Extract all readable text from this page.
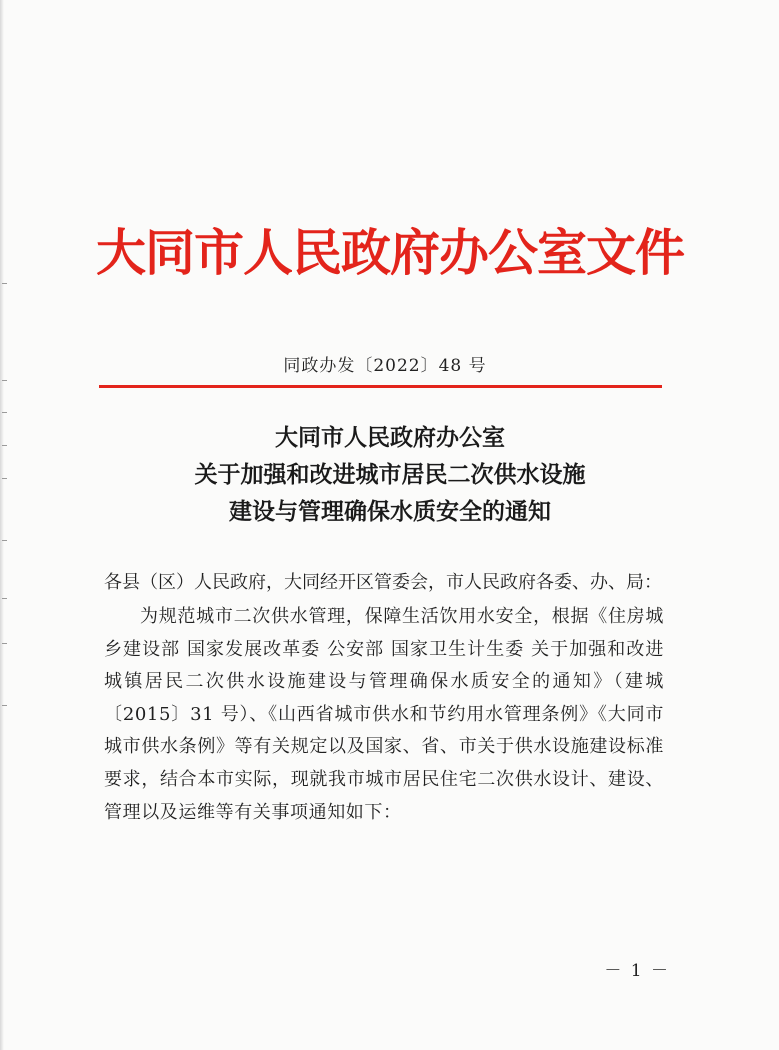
大同市人民政府办公室文件
同政办发〔2022〕48 号
大同市人民政府办公室
关于加强和改进城市居民二次供水设施
建设与管理确保水质安全的通知
各县（区）人民政府，大同经开区管委会，市人民政府各委、办、局：
为规范城市二次供水管理，保障生活饮用水安全，根据《住房城乡建设部 国家发展改革委 公安部 国家卫生计生委 关于加强和改进城镇居民二次供水设施建设与管理确保水质安全的通知》（建城〔2015〕31 号）、《山西省城市供水和节约用水管理条例》《大同市城市供水条例》等有关规定以及国家、省、市关于供水设施建设标准要求，结合本市实际，现就我市城市居民住宅二次供水设计、建设、管理以及运维等有关事项通知如下：
－ 1 －
